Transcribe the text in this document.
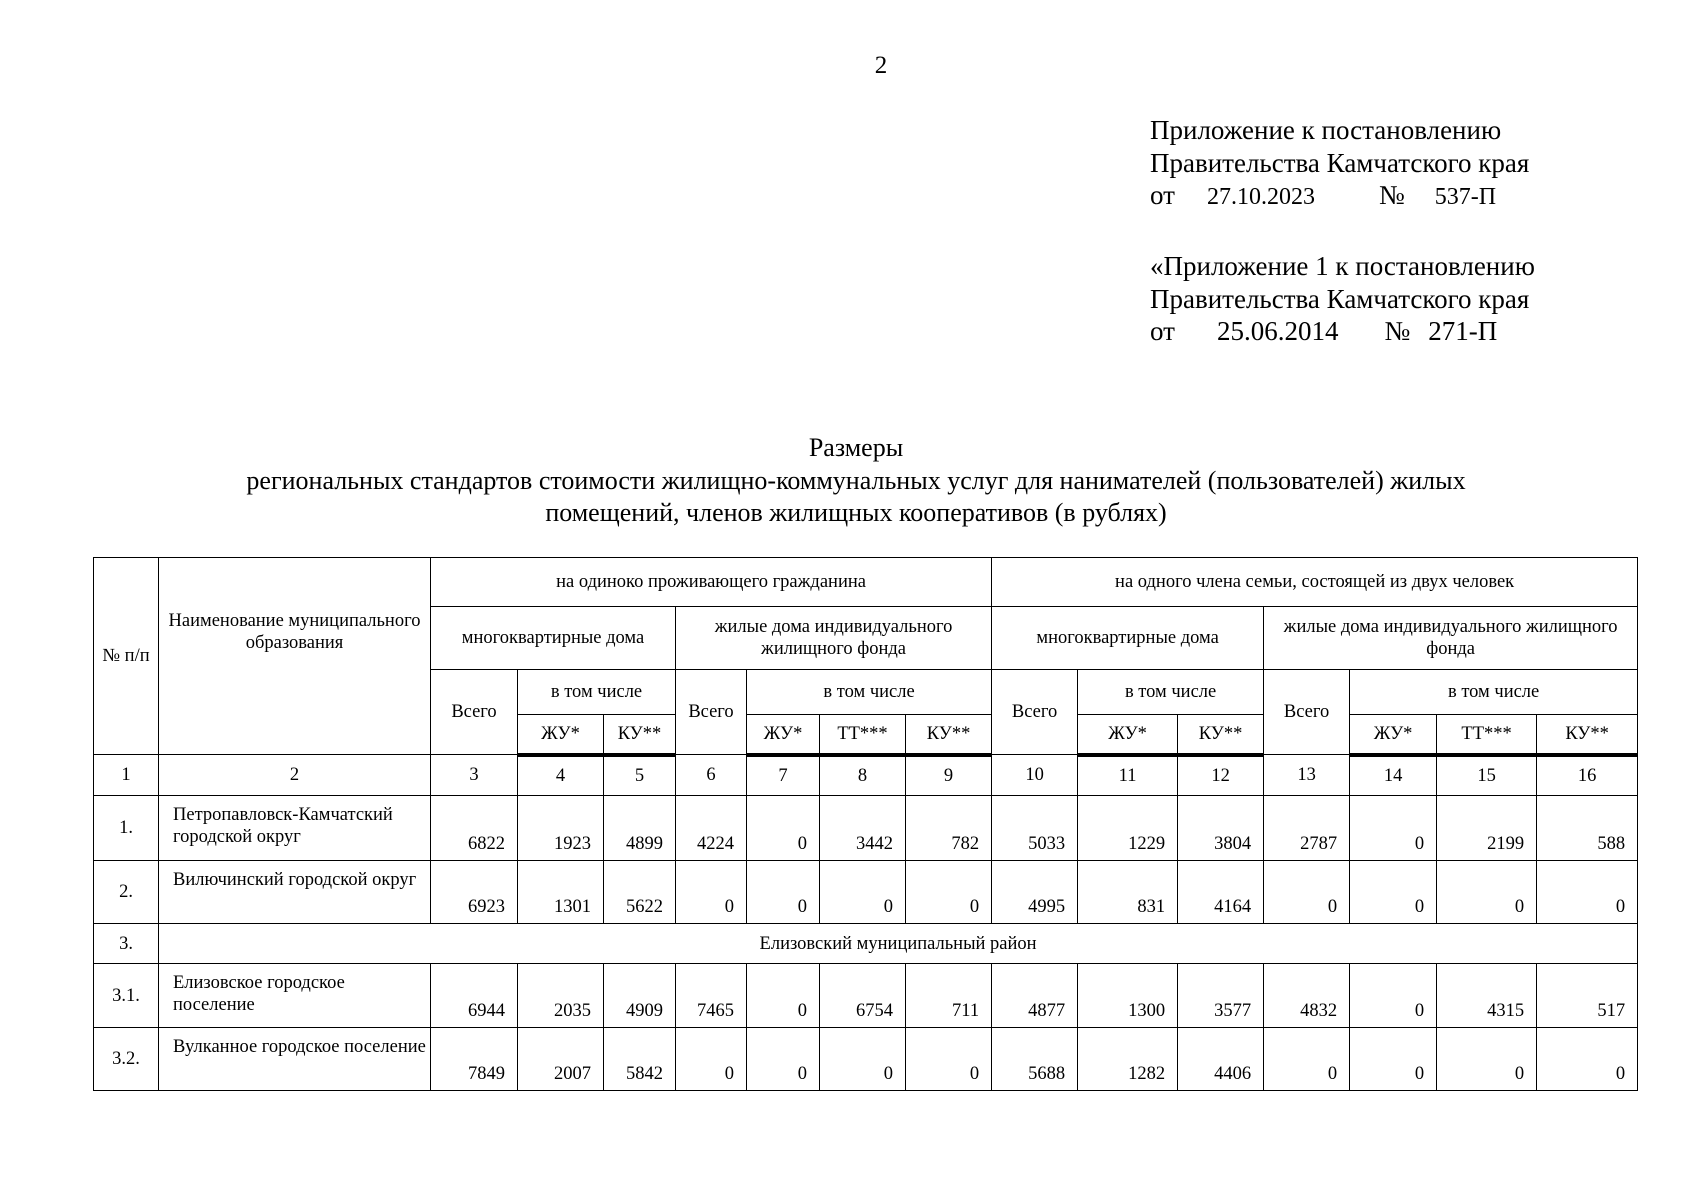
2
Приложение к постановлению
Правительства Камчатского края
от 27.10.2023 № 537-П
«Приложение 1 к постановлению
Правительства Камчатского края
от 25.06.2014 № 271-П
Размеры
региональных стандартов стоимости жилищно-коммунальных услуг для нанимателей (пользователей) жилых
помещений, членов жилищных кооперативов (в рублях)
№ п/п	Наименование муниципального образования	на одиноко проживающего гражданина							на одного члена семьи, состоящей из двух человек						
		многоквартирные дома			жилые дома индивидуального жилищного фонда				многоквартирные дома			жилые дома индивидуального жилищного фонда			
		Всего	в том числе		Всего	в том числе			Всего	в том числе		Всего	в том числе		
			ЖУ*	КУ**		ЖУ*	ТТ***	КУ**		ЖУ*	КУ**		ЖУ*	ТТ***	КУ**
1	2	3	4	5	6	7	8	9	10	11	12	13	14	15	16
1.	Петропавловск-Камчатский городской округ	6822	1923	4899	4224	0	3442	782	5033	1229	3804	2787	0	2199	588
2.	Вилючинский городской округ	6923	1301	5622	0	0	0	0	4995	831	4164	0	0	0	0
3.	Елизовский муниципальный район														
3.1.	Елизовское городское поселение	6944	2035	4909	7465	0	6754	711	4877	1300	3577	4832	0	4315	517
3.2.	Вулканное городское поселение	7849	2007	5842	0	0	0	0	5688	1282	4406	0	0	0	0
